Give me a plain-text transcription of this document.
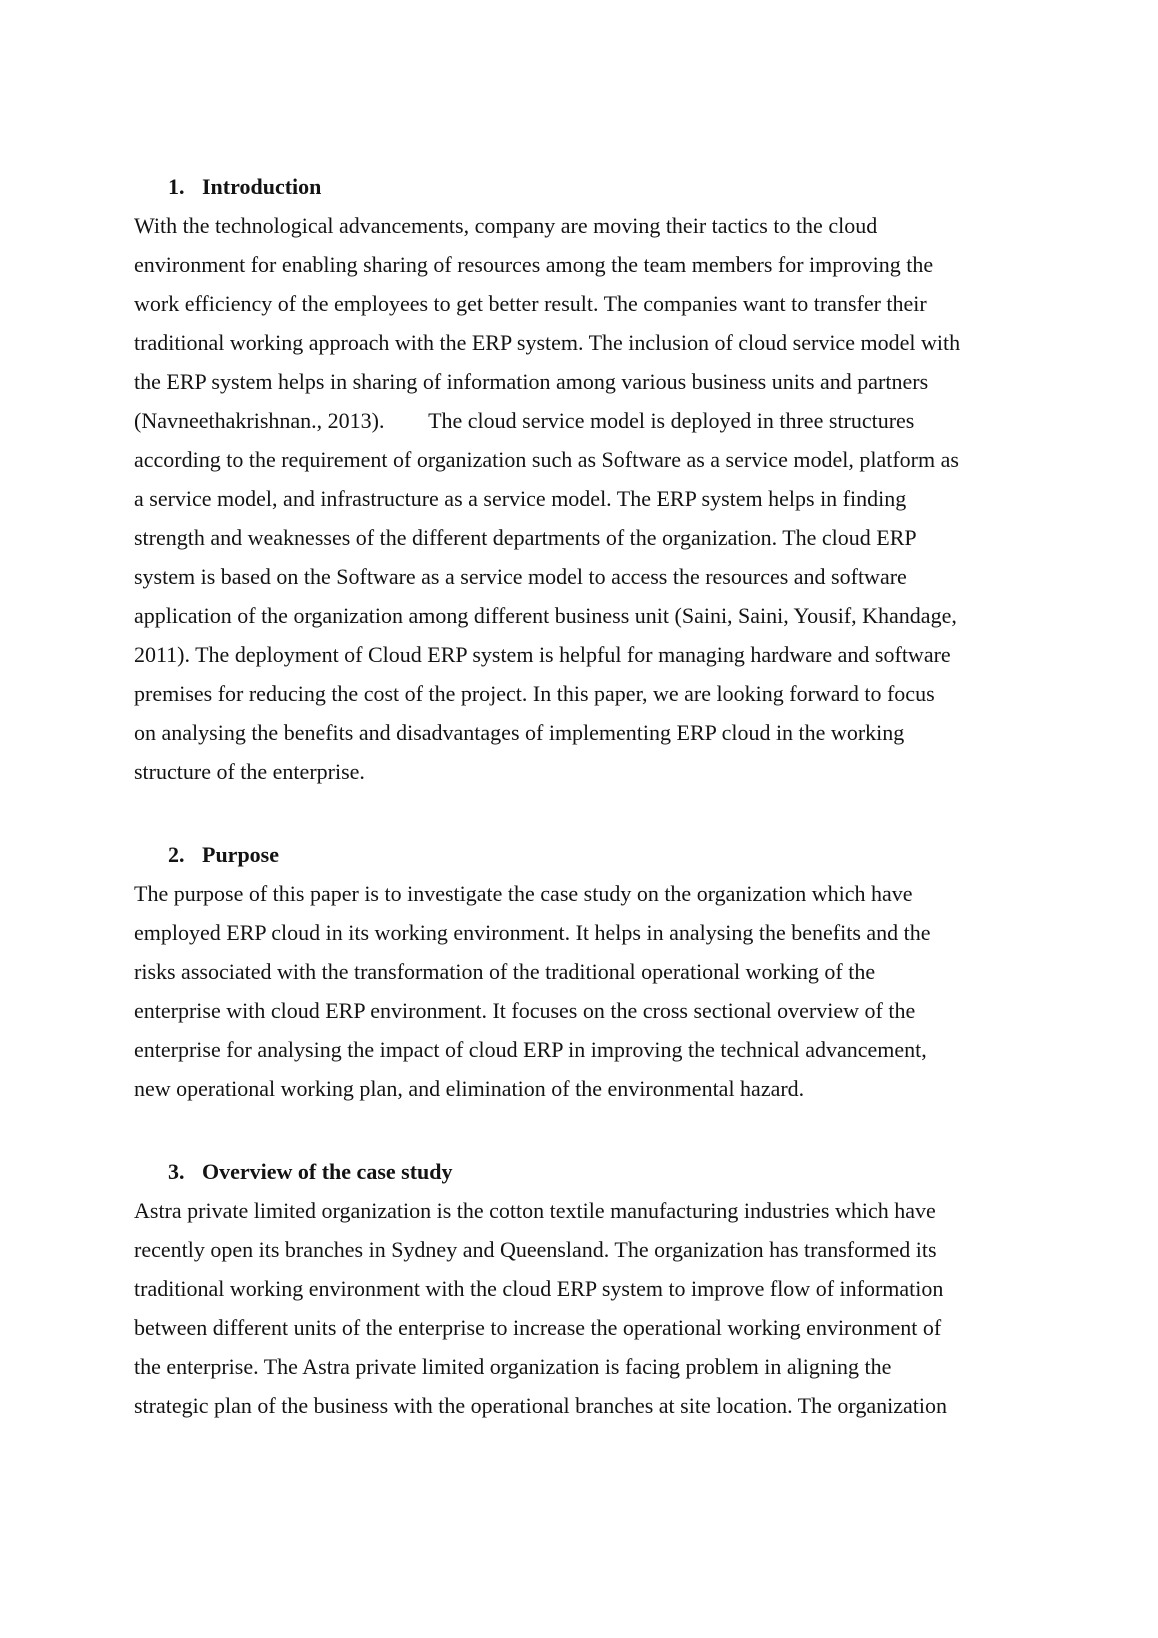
1. Introduction
With the technological advancements, company are moving their tactics to the cloud
environment for enabling sharing of resources among the team members for improving the
work efficiency of the employees to get better result. The companies want to transfer their
traditional working approach with the ERP system. The inclusion of cloud service model with
the ERP system helps in sharing of information among various business units and partners
(Navneethakrishnan., 2013).        The cloud service model is deployed in three structures
according to the requirement of organization such as Software as a service model, platform as
a service model, and infrastructure as a service model. The ERP system helps in finding
strength and weaknesses of the different departments of the organization. The cloud ERP
system is based on the Software as a service model to access the resources and software
application of the organization among different business unit (Saini, Saini, Yousif, Khandage,
2011). The deployment of Cloud ERP system is helpful for managing hardware and software
premises for reducing the cost of the project. In this paper, we are looking forward to focus
on analysing the benefits and disadvantages of implementing ERP cloud in the working
structure of the enterprise.
2. Purpose
The purpose of this paper is to investigate the case study on the organization which have
employed ERP cloud in its working environment. It helps in analysing the benefits and the
risks associated with the transformation of the traditional operational working of the
enterprise with cloud ERP environment. It focuses on the cross sectional overview of the
enterprise for analysing the impact of cloud ERP in improving the technical advancement,
new operational working plan, and elimination of the environmental hazard.
3. Overview of the case study
Astra private limited organization is the cotton textile manufacturing industries which have
recently open its branches in Sydney and Queensland. The organization has transformed its
traditional working environment with the cloud ERP system to improve flow of information
between different units of the enterprise to increase the operational working environment of
the enterprise. The Astra private limited organization is facing problem in aligning the
strategic plan of the business with the operational branches at site location. The organization
